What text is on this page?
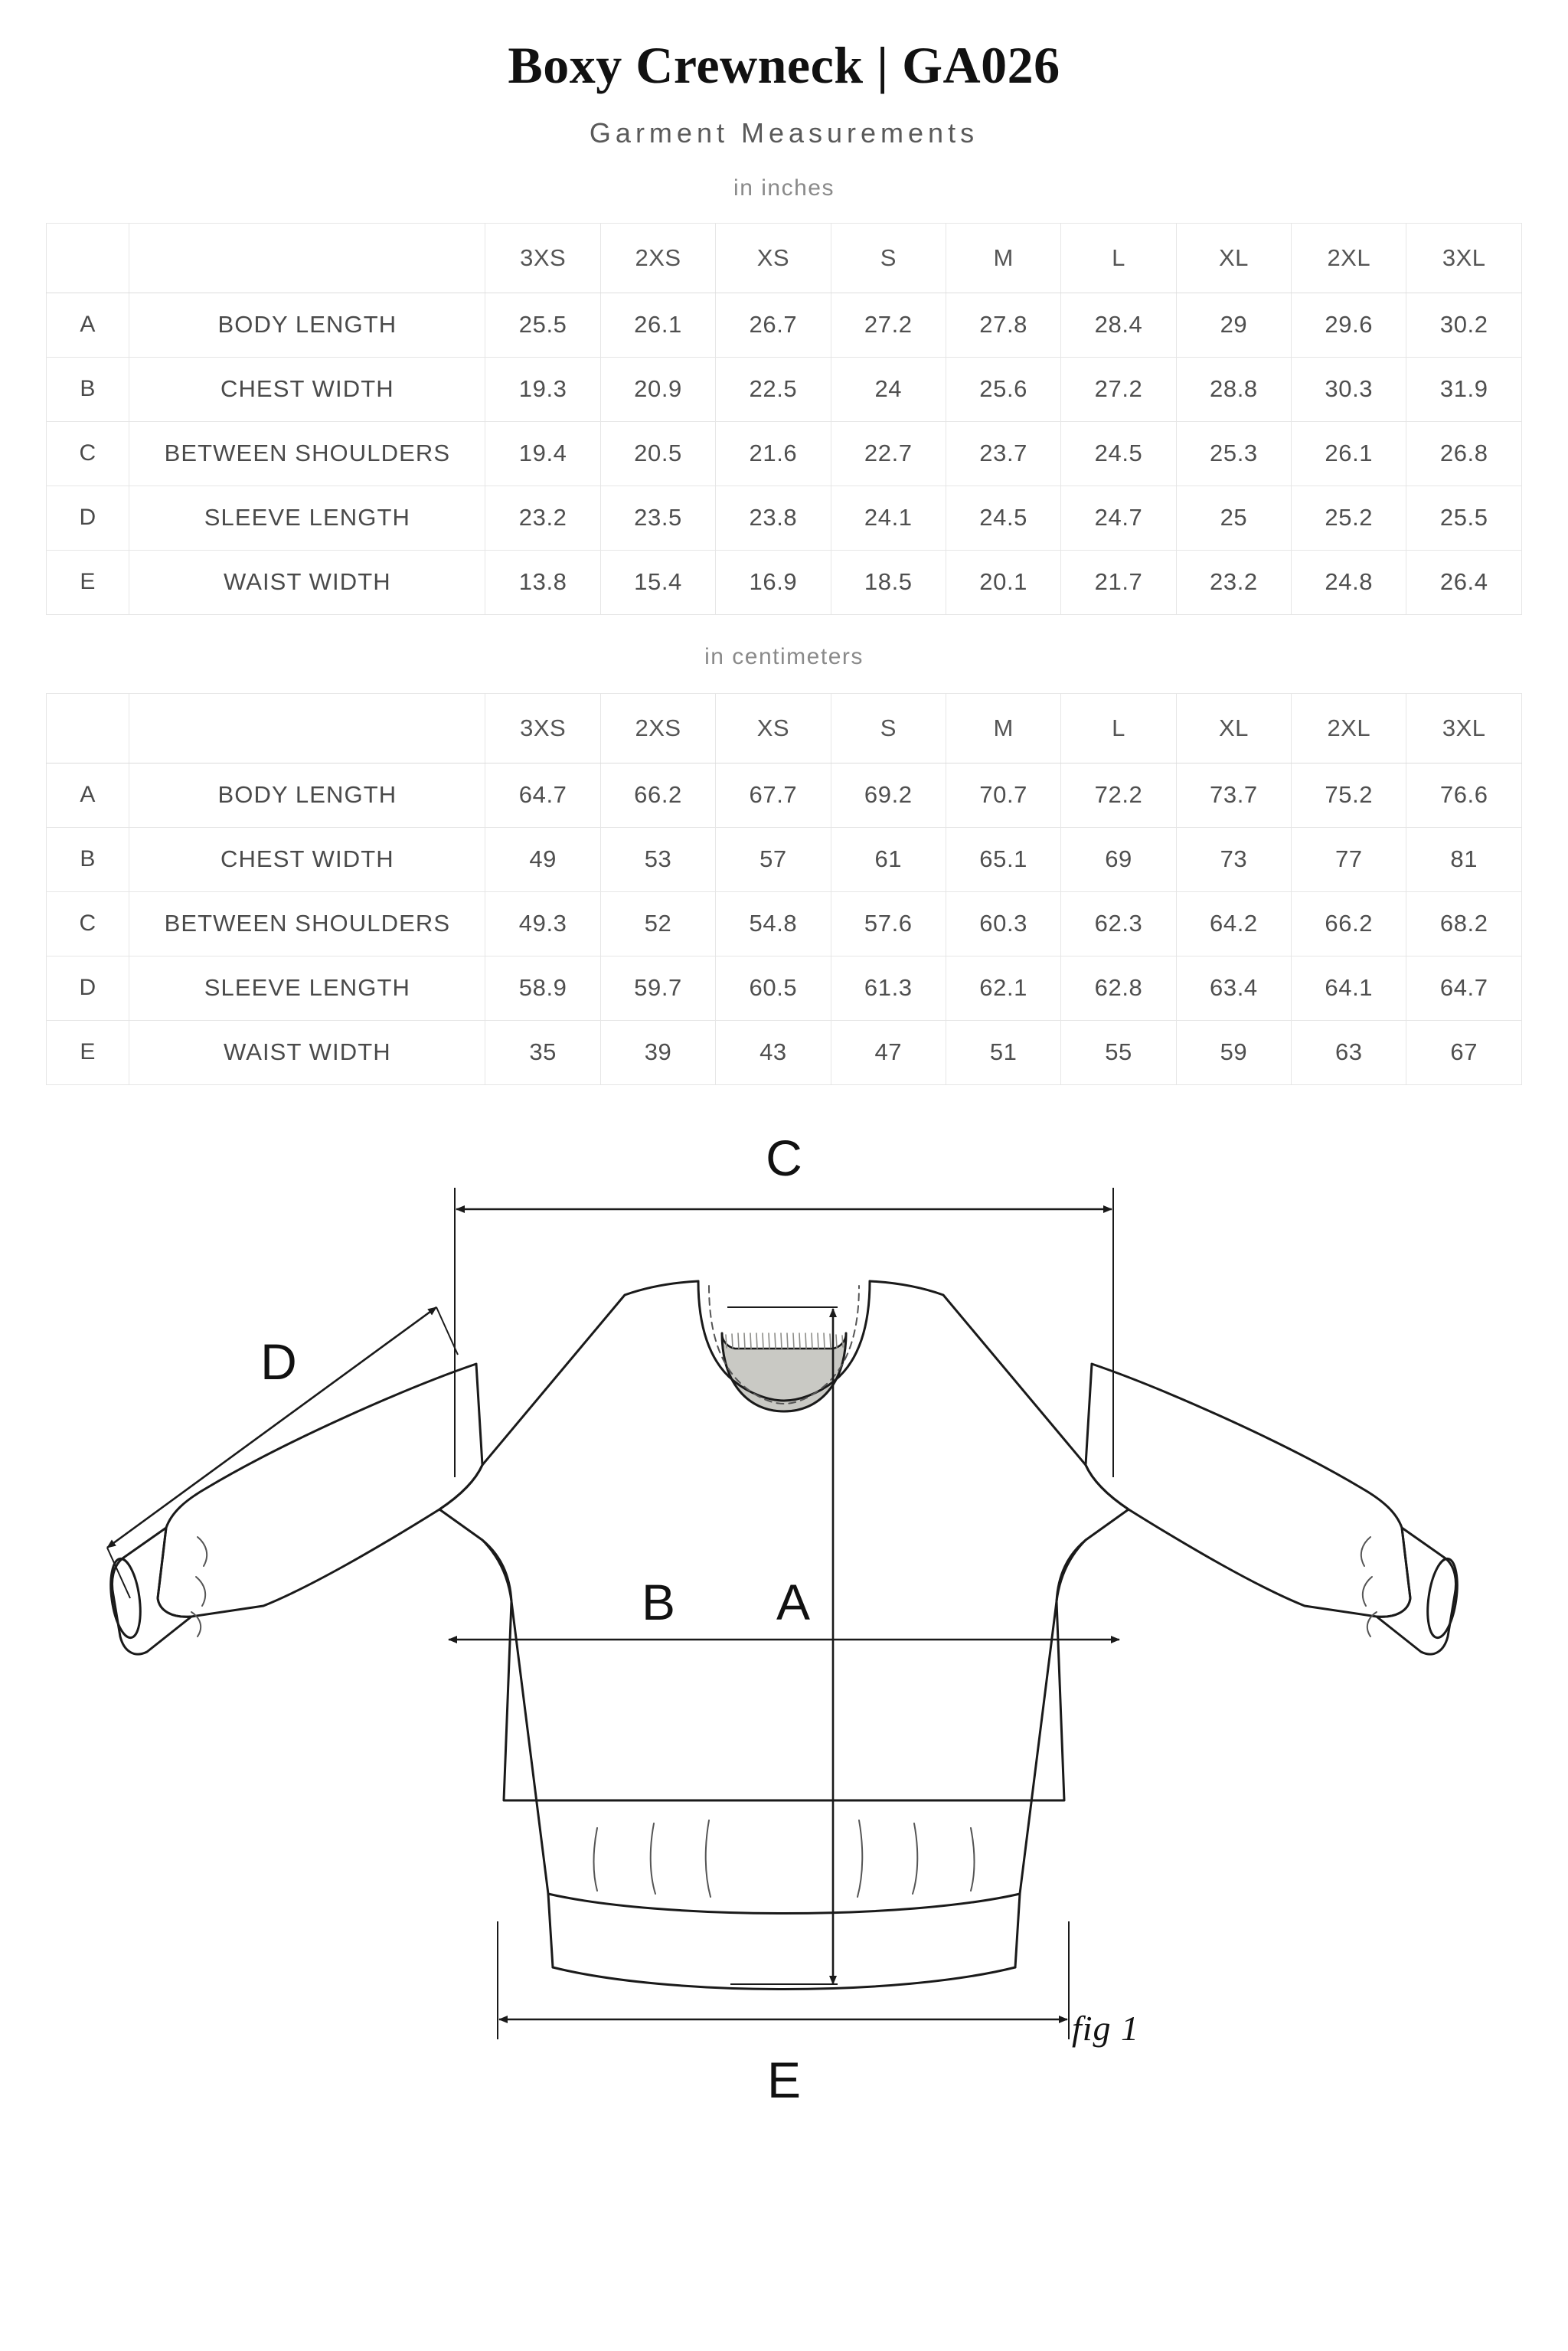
Boxy Crewneck | GA026
Garment Measurements
in inches
		3XS	2XS	XS	S	M	L	XL	2XL	3XL
A	BODY LENGTH	25.5	26.1	26.7	27.2	27.8	28.4	29	29.6	30.2
B	CHEST WIDTH	19.3	20.9	22.5	24	25.6	27.2	28.8	30.3	31.9
C	BETWEEN SHOULDERS	19.4	20.5	21.6	22.7	23.7	24.5	25.3	26.1	26.8
D	SLEEVE LENGTH	23.2	23.5	23.8	24.1	24.5	24.7	25	25.2	25.5
E	WAIST WIDTH	13.8	15.4	16.9	18.5	20.1	21.7	23.2	24.8	26.4
in centimeters
		3XS	2XS	XS	S	M	L	XL	2XL	3XL
A	BODY LENGTH	64.7	66.2	67.7	69.2	70.7	72.2	73.7	75.2	76.6
B	CHEST WIDTH	49	53	57	61	65.1	69	73	77	81
C	BETWEEN SHOULDERS	49.3	52	54.8	57.6	60.3	62.3	64.2	66.2	68.2
D	SLEEVE LENGTH	58.9	59.7	60.5	61.3	62.1	62.8	63.4	64.1	64.7
E	WAIST WIDTH	35	39	43	47	51	55	59	63	67
C
D
B A
E
fig 1
